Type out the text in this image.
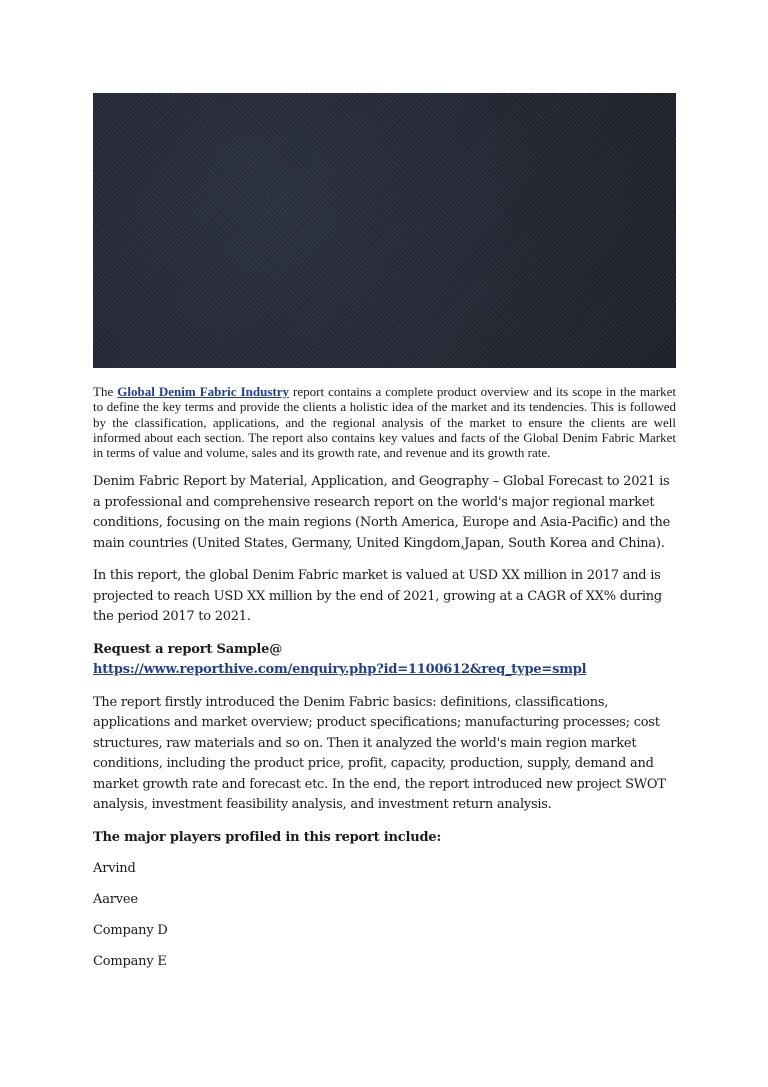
The Global Denim Fabric Industry report contains a complete product overview and its scope in the market to define the key terms and provide the clients a holistic idea of the market and its tendencies. This is followed by the classification, applications, and the regional analysis of the market to ensure the clients are well informed about each section. The report also contains key values and facts of the Global Denim Fabric Market in terms of value and volume, sales and its growth rate, and revenue and its growth rate.

Denim Fabric Report by Material, Application, and Geography – Global Forecast to 2021 is a professional and comprehensive research report on the world's major regional market conditions, focusing on the main regions (North America, Europe and Asia-Pacific) and the main countries (United States, Germany, United Kingdom,Japan, South Korea and China).

In this report, the global Denim Fabric market is valued at USD XX million in 2017 and is projected to reach USD XX million by the end of 2021, growing at a CAGR of XX% during the period 2017 to 2021.

Request a report Sample@
https://www.reporthive.com/enquiry.php?id=1100612&req_type=smpl

The report firstly introduced the Denim Fabric basics: definitions, classifications, applications and market overview; product specifications; manufacturing processes; cost structures, raw materials and so on. Then it analyzed the world's main region market conditions, including the product price, profit, capacity, production, supply, demand and market growth rate and forecast etc. In the end, the report introduced new project SWOT analysis, investment feasibility analysis, and investment return analysis.

The major players profiled in this report include:
Arvind
Aarvee
Company D
Company E
